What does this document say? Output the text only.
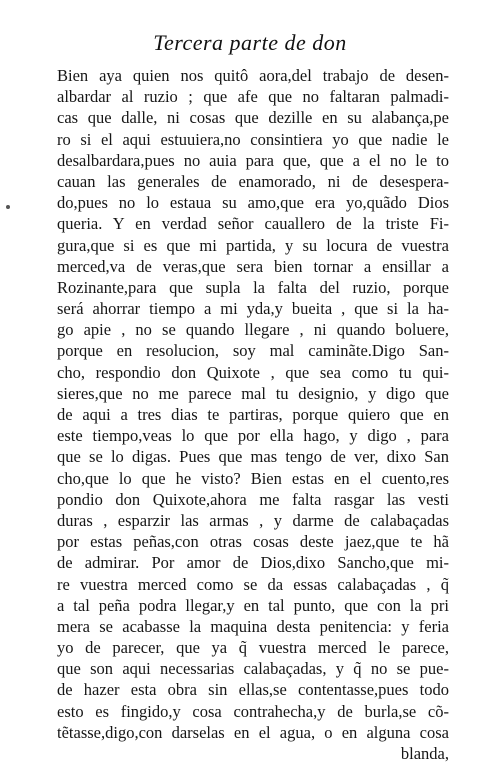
Tercera parte de don
Bien aya quien nos quitô aora,del trabajo de desen-
albardar al ruzio ; que afe que no faltaran palmadi-
cas que dalle, ni cosas que dezille en su alabança,pe
ro si el aqui estuuiera,no consintiera yo que nadie le
desalbardara,pues no auia para que, que a el no le to
cauan las generales de enamorado, ni de desespera-
do,pues no lo estaua su amo,que era yo,quãdo Dios
queria. Y en verdad señor cauallero de la triste Fi-
gura,que si es que mi partida, y su locura de vuestra
merced,va de veras,que sera bien tornar a ensillar a
Rozinante,para que supla la falta del ruzio, porque
será ahorrar tiempo a mi yda,y bueita , que si la ha-
go apie , no se quando llegare , ni quando boluere,
porque en resolucion, soy mal caminãte.Digo San-
cho, respondio don Quixote , que sea como tu qui-
sieres,que no me parece mal tu designio, y digo que
de aqui a tres dias te partiras, porque quiero que en
este tiempo,veas lo que por ella hago, y digo , para
que se lo digas. Pues que mas tengo de ver, dixo San
cho,que lo que he visto? Bien estas en el cuento,res
pondio don Quixote,ahora me falta rasgar las vesti
duras , esparzir las armas , y darme de calabaçadas
por estas peñas,con otras cosas deste jaez,que te hã
de admirar. Por amor de Dios,dixo Sancho,que mi-
re vuestra merced como se da essas calabaçadas , q̃
a tal peña podra llegar,y en tal punto, que con la pri
mera se acabasse la maquina desta penitencia: y feria
yo de parecer, que ya q̃ vuestra merced le parece,
que son aqui necessarias calabaçadas, y q̃ no se pue-
de hazer esta obra sin ellas,se contentasse,pues todo
esto es fingido,y cosa contrahecha,y de burla,se cõ-
tẽtasse,digo,con darselas en el agua, o en alguna cosa
blanda,
